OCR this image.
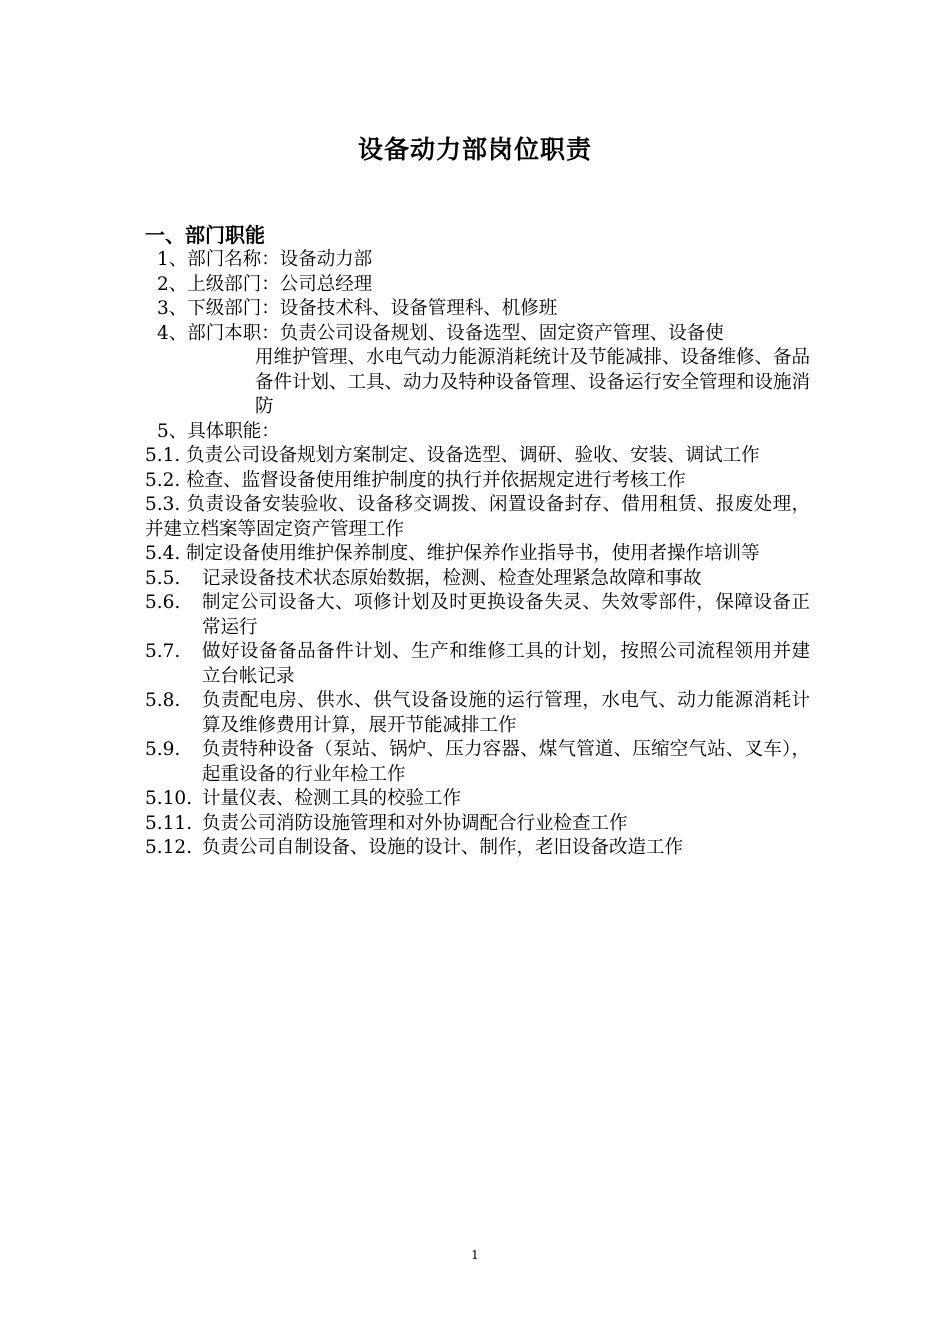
设备动力部岗位职责
一、部门职能
1、部门名称：设备动力部
2、上级部门：公司总经理
3、下级部门：设备技术科、设备管理科、机修班
4、部门本职：负责公司设备规划、设备选型、固定资产管理、设备使
用维护管理、水电气动力能源消耗统计及节能减排、设备维修、备品备件计划、工具、动力及特种设备管理、设备运行安全管理和设施消防
5、具体职能：
5.1. 负责公司设备规划方案制定、设备选型、调研、验收、安装、调试工作
5.2. 检查、监督设备使用维护制度的执行并依据规定进行考核工作
5.3. 负责设备安装验收、设备移交调拨、闲置设备封存、借用租赁、报废处理，并建立档案等固定资产管理工作
5.4. 制定设备使用维护保养制度、维护保养作业指导书，使用者操作培训等
5.5.	记录设备技术状态原始数据，检测、检查处理紧急故障和事故
5.6.	制定公司设备大、项修计划及时更换设备失灵、失效零部件，保障设备正常运行
5.7.	做好设备备品备件计划、生产和维修工具的计划，按照公司流程领用并建立台帐记录
5.8.	负责配电房、供水、供气设备设施的运行管理，水电气、动力能源消耗计算及维修费用计算，展开节能减排工作
5.9.	负责特种设备（泵站、锅炉、压力容器、煤气管道、压缩空气站、叉车），起重设备的行业年检工作
5.10. 计量仪表、检测工具的校验工作
5.11. 负责公司消防设施管理和对外协调配合行业检查工作
5.12. 负责公司自制设备、设施的设计、制作，老旧设备改造工作
1
